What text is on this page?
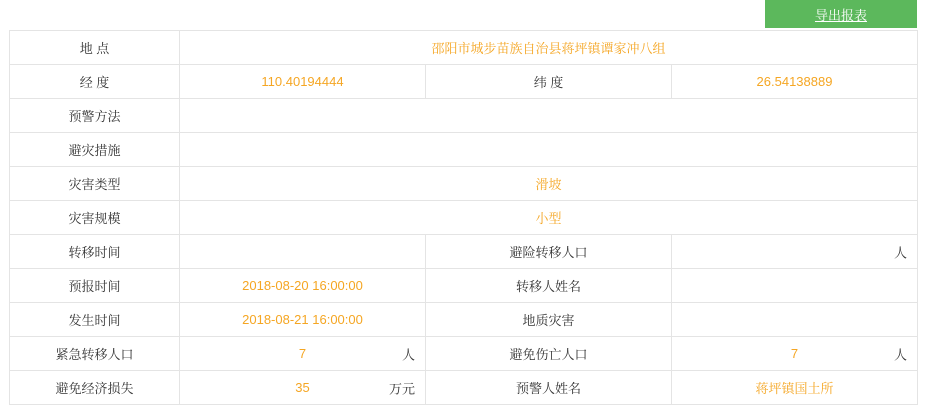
导出报表
地 点	邵阳市城步苗族自治县蒋坪镇谭家冲八组		
经 度	110.40194444	纬 度	26.54138889
预警方法			
避灾措施			
灾害类型	滑坡		
灾害规模	小型		
转移时间		避险转移人口	人

预报时间	2018-08-20 16:00:00	转移人姓名	
发生时间	2018-08-21 16:00:00	地质灾害	
紧急转移人口	7 人	避免伤亡人口	7 人

避免经济损失	35 万元	预警人姓名	蒋坪镇国土所
